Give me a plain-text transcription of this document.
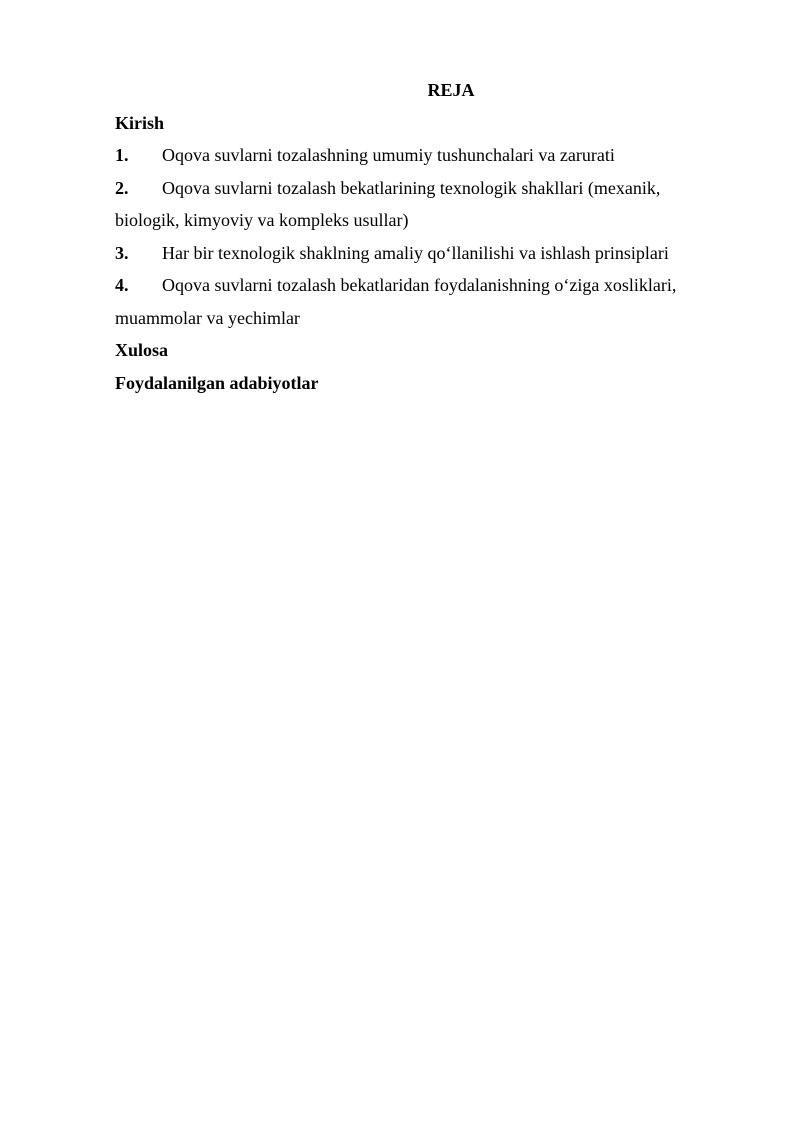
REJA

Kirish

1. Oqova suvlarni tozalashning umumiy tushunchalari va zarurati

2. Oqova suvlarni tozalash bekatlarining texnologik shakllari (mexanik, biologik, kimyoviy va kompleks usullar)

3. Har bir texnologik shaklning amaliy qoʻllanilishi va ishlash prinsiplari

4. Oqova suvlarni tozalash bekatlaridan foydalanishning oʻziga xosliklari, muammolar va yechimlar

Xulosa

Foydalanilgan adabiyotlar
